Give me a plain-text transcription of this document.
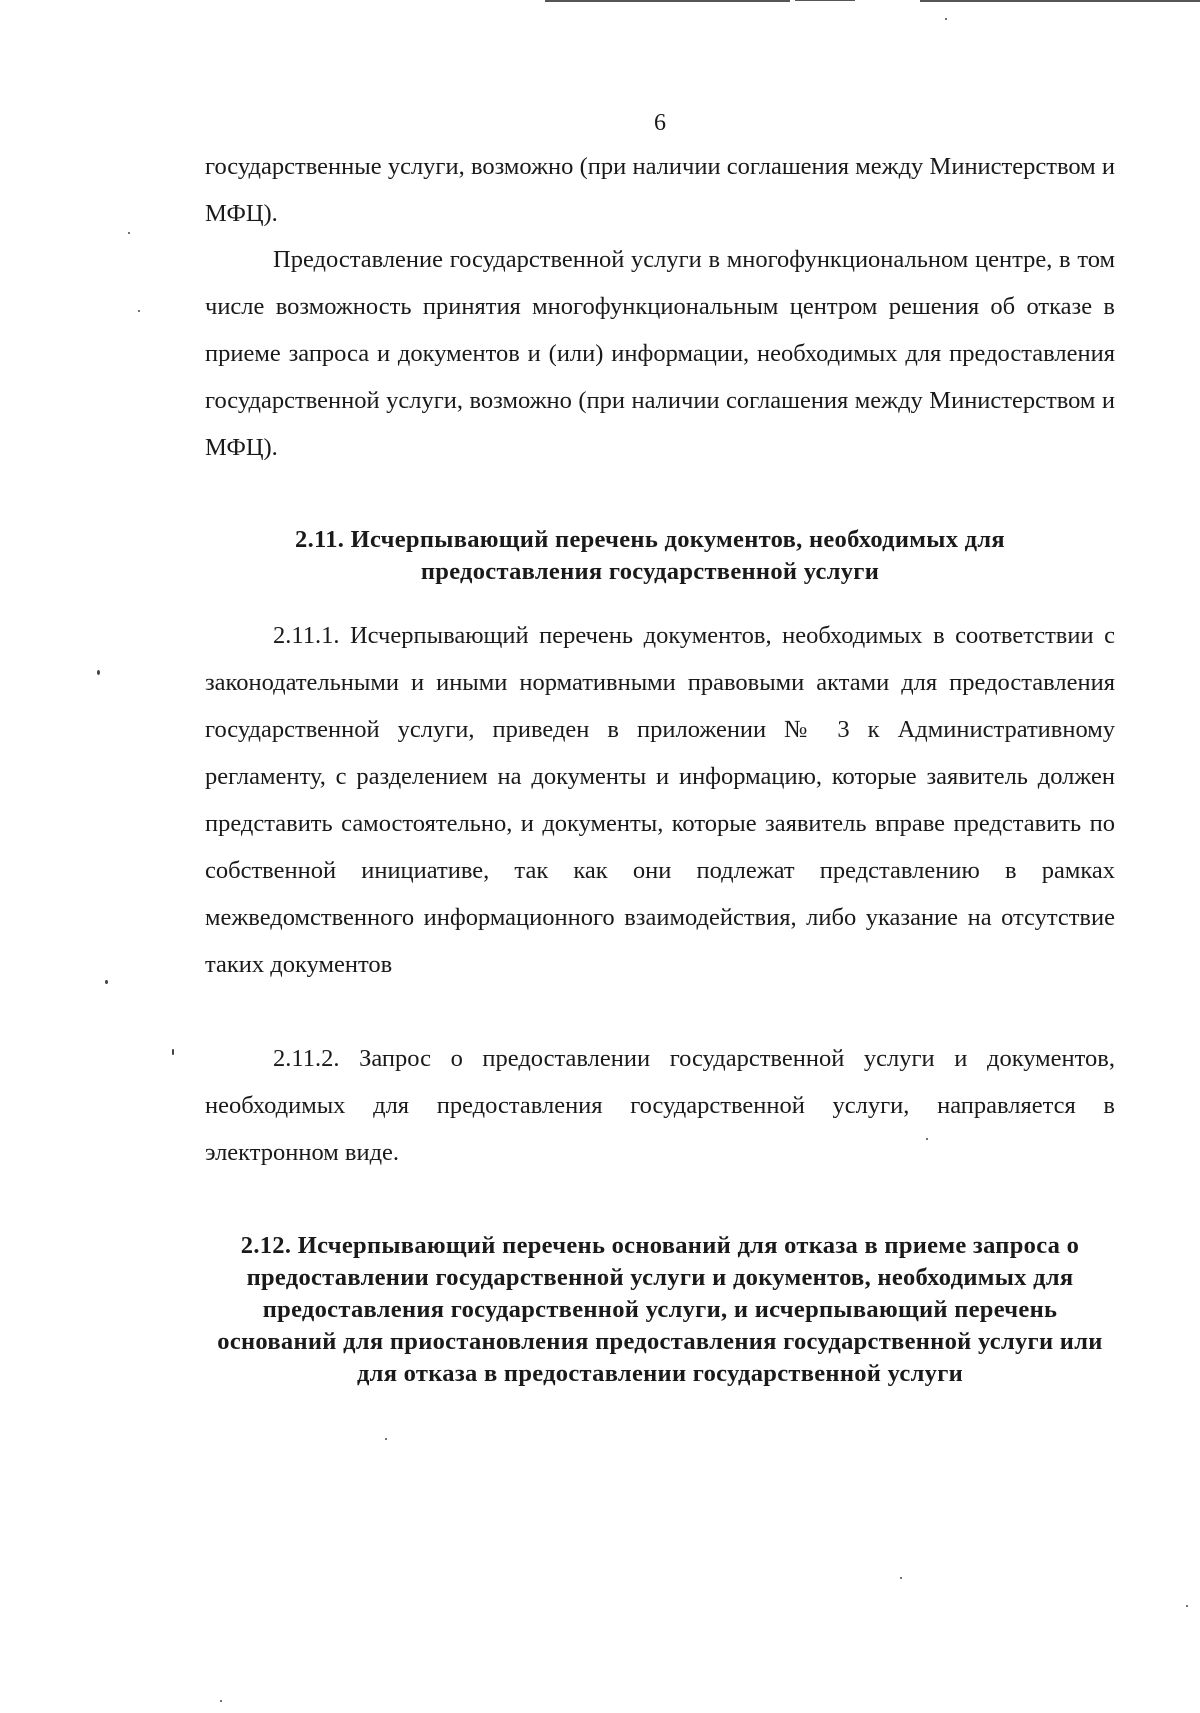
6

государственные услуги, возможно (при наличии соглашения между Министерством и МФЦ).

Предоставление государственной услуги в многофункциональном центре, в том числе возможность принятия многофункциональным центром решения об отказе в приеме запроса и документов и (или) информации, необходимых для предоставления государственной услуги, возможно (при наличии соглашения между Министерством и МФЦ).

2.11. Исчерпывающий перечень документов, необходимых для предоставления государственной услуги

2.11.1. Исчерпывающий перечень документов, необходимых в соответствии с законодательными и иными нормативными правовыми актами для предоставления государственной услуги, приведен в приложении № 3 к Административному регламенту, с разделением на документы и информацию, которые заявитель должен представить самостоятельно, и документы, которые заявитель вправе представить по собственной инициативе, так как они подлежат представлению в рамках межведомственного информационного взаимодействия, либо указание на отсутствие таких документов

2.11.2. Запрос о предоставлении государственной услуги и документов, необходимых для предоставления государственной услуги, направляется в электронном виде.

2.12. Исчерпывающий перечень оснований для отказа в приеме запроса о предоставлении государственной услуги и документов, необходимых для предоставления государственной услуги, и исчерпывающий перечень оснований для приостановления предоставления государственной услуги или для отказа в предоставлении государственной услуги
